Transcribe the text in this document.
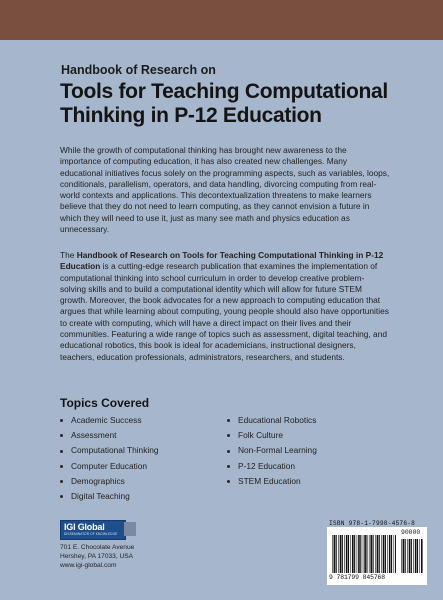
Handbook of Research on
Tools for Teaching Computational
Thinking in P-12 Education
While the growth of computational thinking has brought new awareness to the importance of computing education, it has also created new challenges. Many educational initiatives focus solely on the programming aspects, such as variables, loops, conditionals, parallelism, operators, and data handling, divorcing computing from real-world contexts and applications. This decontextualization threatens to make learners believe that they do not need to learn computing, as they cannot envision a future in which they will need to use it, just as many see math and physics education as unnecessary.
The Handbook of Research on Tools for Teaching Computational Thinking in P-12 Education is a cutting-edge research publication that examines the implementation of computational thinking into school curriculum in order to develop creative problem-solving skills and to build a computational identity which will allow for future STEM growth. Moreover, the book advocates for a new approach to computing education that argues that while learning about computing, young people should also have opportunities to create with computing, which will have a direct impact on their lives and their communities. Featuring a wide range of topics such as assessment, digital teaching, and educational robotics, this book is ideal for academicians, instructional designers, teachers, education professionals, administrators, researchers, and students.
Topics Covered
Academic Success
Assessment
Computational Thinking
Computer Education
Demographics
Digital Teaching
Educational Robotics
Folk Culture
Non-Formal Learning
P-12 Education
STEM Education
IGI Global
DISSEMINATOR OF KNOWLEDGE
701 E. Chocolate Avenue
Hershey, PA 17033, USA
www.igi-global.com
ISBN 978-1-7998-4576-8
9 781799 845768
90000
